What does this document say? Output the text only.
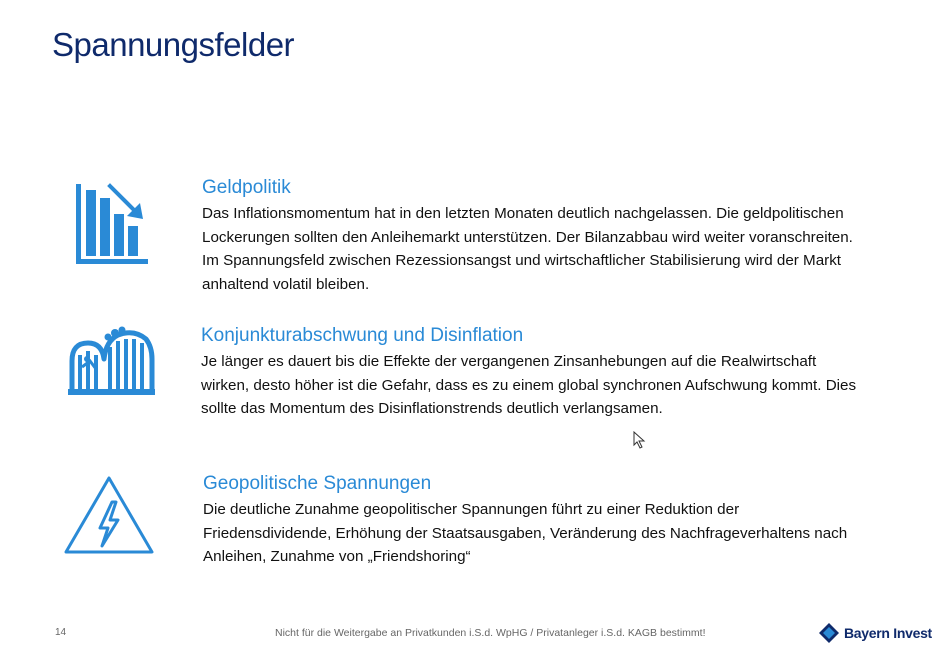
Spannungsfelder
Geldpolitik

Das Inflationsmomentum hat in den letzten Monaten deutlich nachgelassen. Die geldpolitischen Lockerungen sollten den Anleihemarkt unterstützen. Der Bilanzabbau wird weiter voranschreiten. Im Spannungsfeld zwischen Rezessionsangst und wirtschaftlicher Stabilisierung wird der Markt anhaltend volatil bleiben.

Konjunkturabschwung und Disinflation

Je länger es dauert bis die Effekte der vergangenen Zinsanhebungen auf die Realwirtschaft wirken, desto höher ist die Gefahr, dass es zu einem global synchronen Aufschwung kommt. Dies sollte das Momentum des Disinflationstrends deutlich verlangsamen.

Geopolitische Spannungen

Die deutliche Zunahme geopolitischer Spannungen führt zu einer Reduktion der Friedensdividende, Erhöhung der Staatsausgaben, Veränderung des Nachfrageverhaltens nach Anleihen, Zunahme von „Friendshoring“

14	Nicht für die Weitergabe an Privatkunden i.S.d. WpHG / Privatanleger i.S.d. KAGB bestimmt!	Bayern Invest
